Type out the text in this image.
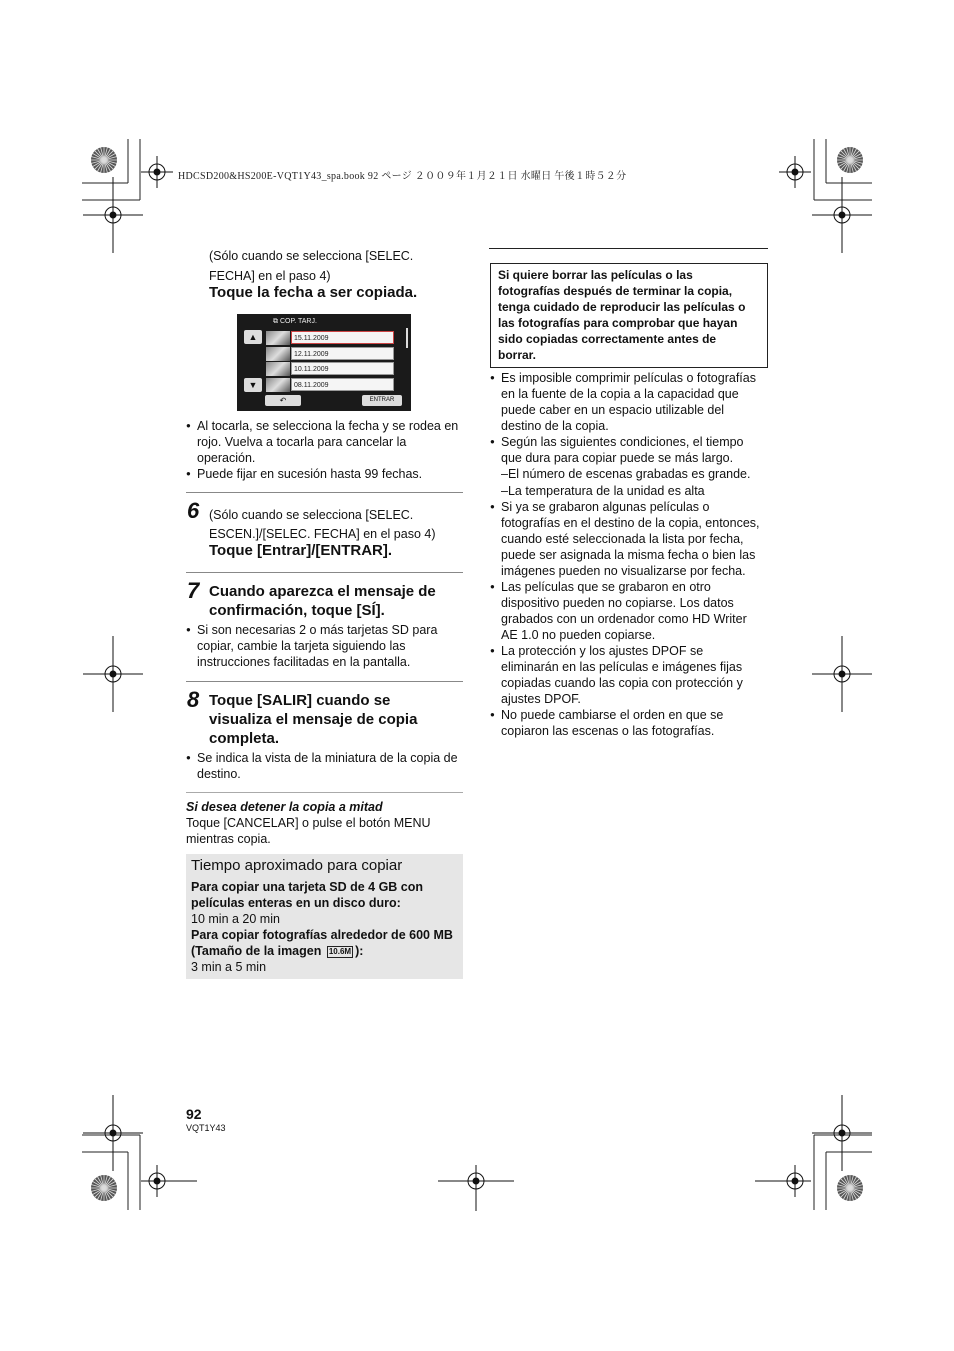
HDCSD200&HS200E-VQT1Y43_spa.book 92 ページ ２００９年１月２１日 水曜日 午後１時５２分
(Sólo cuando se selecciona [SELEC.
FECHA] en el paso 4)
Toque la fecha a ser copiada.
⧉ COP. TARJ.
▲
▼
15.11.2009
12.11.2009
10.11.2009
08.11.2009
↶	ENTRAR
● Al tocarla, se selecciona la fecha y se rodea en
rojo. Vuelva a tocarla para cancelar la
operación.
● Puede fijar en sucesión hasta 99 fechas.
6 (Sólo cuando se selecciona [SELEC.
ESCEN.]/[SELEC. FECHA] en el paso 4)
Toque [Entrar]/[ENTRAR].
7 Cuando aparezca el mensaje de
confirmación, toque [SÍ].
● Si son necesarias 2 o más tarjetas SD para
copiar, cambie la tarjeta siguiendo las
instrucciones facilitadas en la pantalla.
8 Toque [SALIR] cuando se
visualiza el mensaje de copia
completa.
● Se indica la vista de la miniatura de la copia de
destino.
Si desea detener la copia a mitad
Toque [CANCELAR] o pulse el botón MENU
mientras copia.
Tiempo aproximado para copiar
Para copiar una tarjeta SD de 4 GB con
películas enteras en un disco duro:
10 min a 20 min
Para copiar fotografías alrededor de 600 MB
(Tamaño de la imagen 10.6M ):
3 min a 5 min
Si quiere borrar las películas o las
fotografías después de terminar la copia,
tenga cuidado de reproducir las películas o
las fotografías para comprobar que hayan
sido copiadas correctamente antes de
borrar.
● Es imposible comprimir películas o fotografías
en la fuente de la copia a la capacidad que
puede caber en un espacio utilizable del
destino de la copia.
● Según las siguientes condiciones, el tiempo
que dura para copiar puede se más largo.
–El número de escenas grabadas es grande.
–La temperatura de la unidad es alta
● Si ya se grabaron algunas películas o
fotografías en el destino de la copia, entonces,
cuando esté seleccionada la lista por fecha,
puede ser asignada la misma fecha o bien las
imágenes pueden no visualizarse por fecha.
● Las películas que se grabaron en otro
dispositivo pueden no copiarse. Los datos
grabados con un ordenador como HD Writer
AE 1.0 no pueden copiarse.
● La protección y los ajustes DPOF se
eliminarán en las películas e imágenes fijas
copiadas cuando las copia con protección y
ajustes DPOF.
● No puede cambiarse el orden en que se
copiaron las escenas o las fotografías.
92
VQT1Y43
